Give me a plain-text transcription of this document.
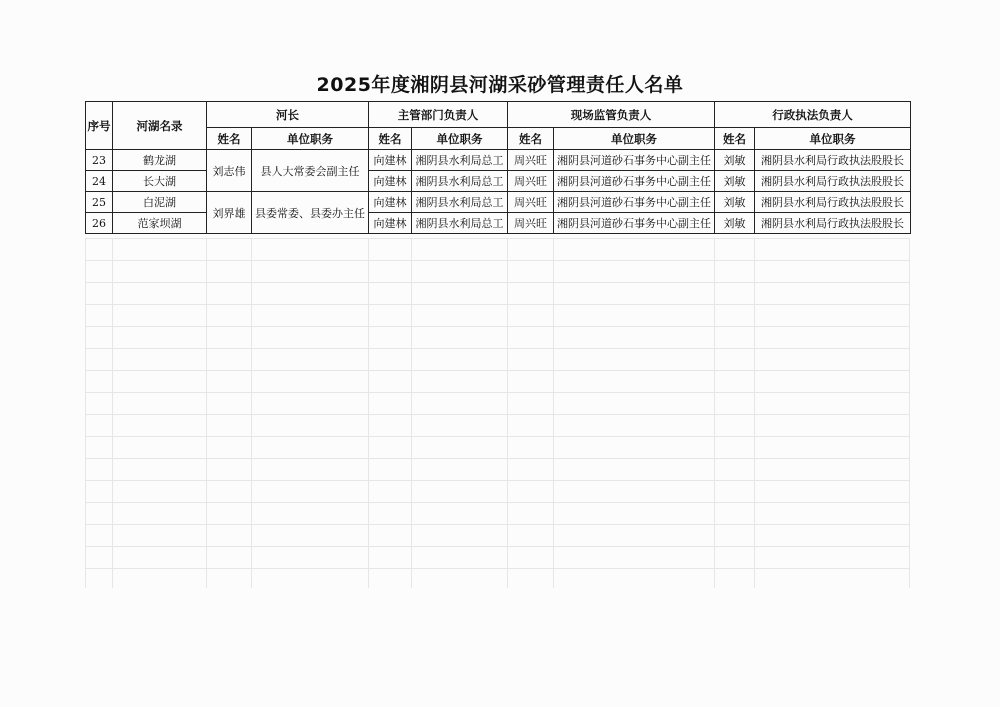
2025年度湘阴县河湖采砂管理责任人名单
序号	河湖名录	河长		主管部门负责人		现场监管负责人		行政执法负责人	
		姓名	单位职务	姓名	单位职务	姓名	单位职务	姓名	单位职务
23	鹤龙湖	刘志伟	县人大常委会副主任	向建林	湘阴县水利局总工	周兴旺	湘阴县河道砂石事务中心副主任	刘敏	湘阴县水利局行政执法股股长
24	长大湖			向建林	湘阴县水利局总工	周兴旺	湘阴县河道砂石事务中心副主任	刘敏	湘阴县水利局行政执法股股长
25	白泥湖	刘界雄	县委常委、县委办主任	向建林	湘阴县水利局总工	周兴旺	湘阴县河道砂石事务中心副主任	刘敏	湘阴县水利局行政执法股股长
26	范家坝湖			向建林	湘阴县水利局总工	周兴旺	湘阴县河道砂石事务中心副主任	刘敏	湘阴县水利局行政执法股股长
